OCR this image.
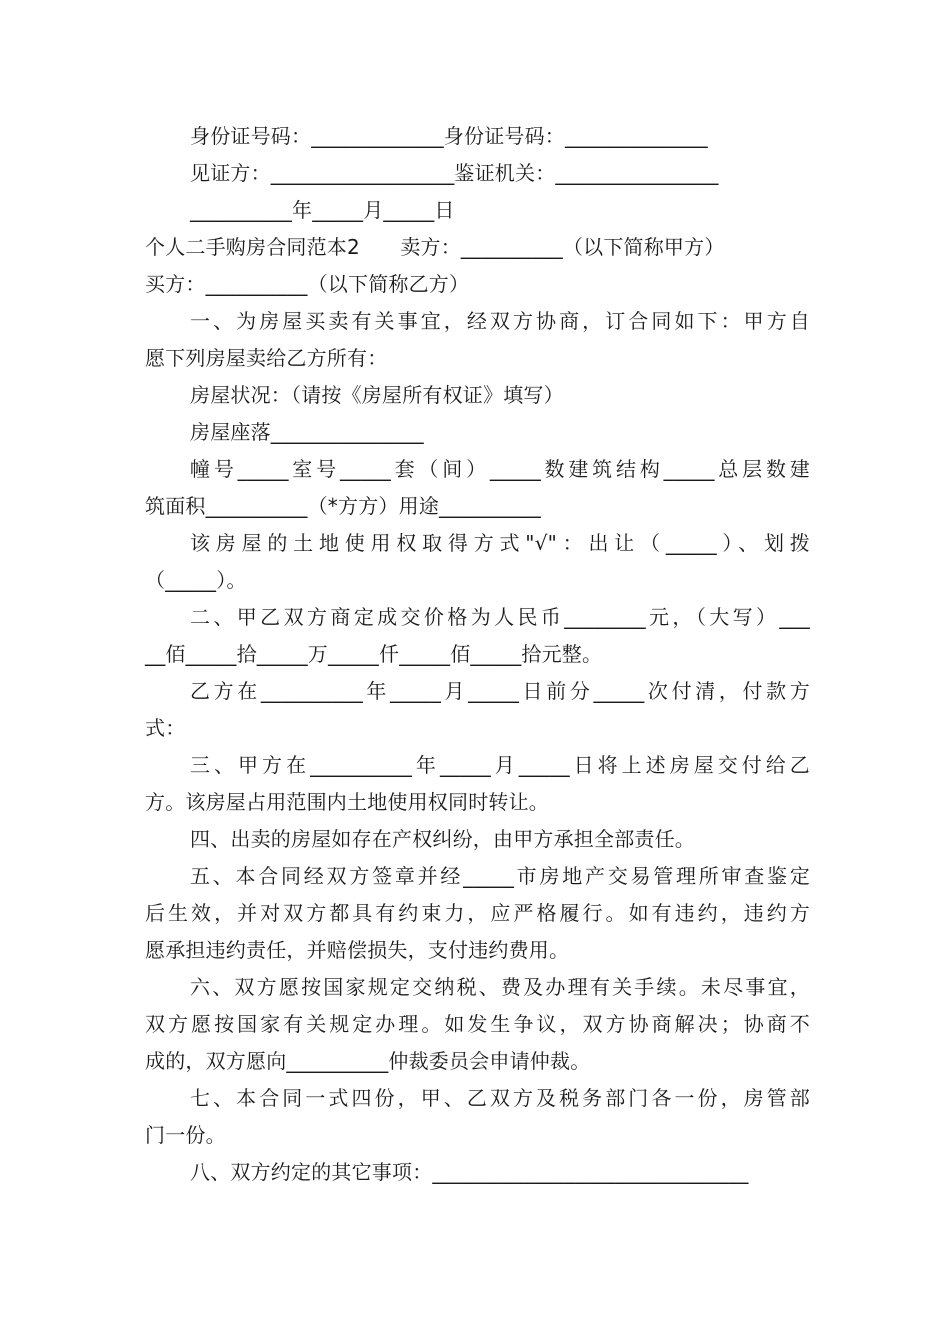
身份证号码：_____________身份证号码：______________
见证方：__________________鉴证机关：________________
__________年_____月_____日
个人二手购房合同范本2　　卖方：__________（以下简称甲方）
买方：__________（以下简称乙方）
一、为房屋买卖有关事宜，经双方协商，订合同如下：甲方自
愿下列房屋卖给乙方所有：
房屋状况：（请按《房屋所有权证》填写）
房屋座落_______________
幢号_____室号_____套（间）_____数建筑结构_____总层数建
筑面积__________（*方方）用途__________
该房屋的土地使用权取得方式"√"：出让（_____）、划拨
（_____）。
二、甲乙双方商定成交价格为人民币________元，（大写）___
__佰_____拾_____万_____仟_____佰_____拾元整。
乙方在__________年_____月_____日前分_____次付清，付款方
式：
三、甲方在__________年_____月_____日将上述房屋交付给乙
方。该房屋占用范围内土地使用权同时转让。
四、出卖的房屋如存在产权纠纷，由甲方承担全部责任。
五、本合同经双方签章并经_____市房地产交易管理所审查鉴定
后生效，并对双方都具有约束力，应严格履行。如有违约，违约方
愿承担违约责任，并赔偿损失，支付违约费用。
六、双方愿按国家规定交纳税、费及办理有关手续。未尽事宜，
双方愿按国家有关规定办理。如发生争议，双方协商解决；协商不
成的，双方愿向__________仲裁委员会申请仲裁。
七、本合同一式四份，甲、乙双方及税务部门各一份，房管部
门一份。
八、双方约定的其它事项：_______________________________
